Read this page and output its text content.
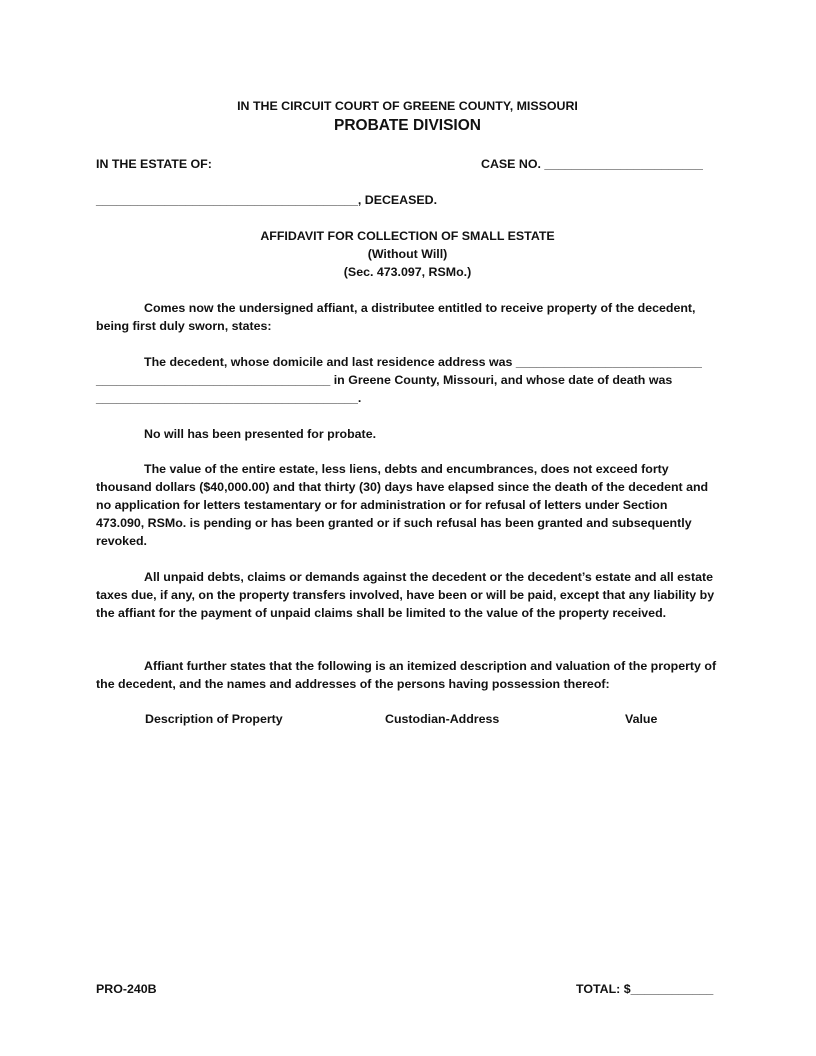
IN THE CIRCUIT COURT OF GREENE COUNTY, MISSOURI
PROBATE DIVISION
IN THE ESTATE OF:	CASE NO. _______________________
______________________________________, DECEASED.
AFFIDAVIT FOR COLLECTION OF SMALL ESTATE
(Without Will)
(Sec. 473.097, RSMo.)

Comes now the undersigned affiant, a distributee entitled to receive property of the decedent,    being first duly sworn, states:

The decedent, whose domicile and last residence address was ___________________________ __________________________________ in Greene County, Missouri, and whose date of death was ______________________________________.

No will has been presented for probate.

The value of the entire estate, less liens, debts and encumbrances, does not exceed forty thousand dollars ($40,000.00) and that thirty (30) days have elapsed since the death of the decedent and no application for letters testamentary or for administration or for refusal of letters under Section 473.090, RSMo. is pending or has been granted or if such refusal has been granted and subsequently revoked.

All unpaid debts, claims or demands against the decedent or the decedent’s estate and all estate taxes due, if any, on the property transfers involved, have been or will be paid, except that any liability by the affiant for the payment of unpaid claims shall be limited to the value of the property received.

Affiant further states that the following is an itemized description and valuation of the property of the decedent, and the names and addresses of the persons having possession thereof:

Description of Property	Custodian-Address	Value
PRO-240B	TOTAL: $____________
